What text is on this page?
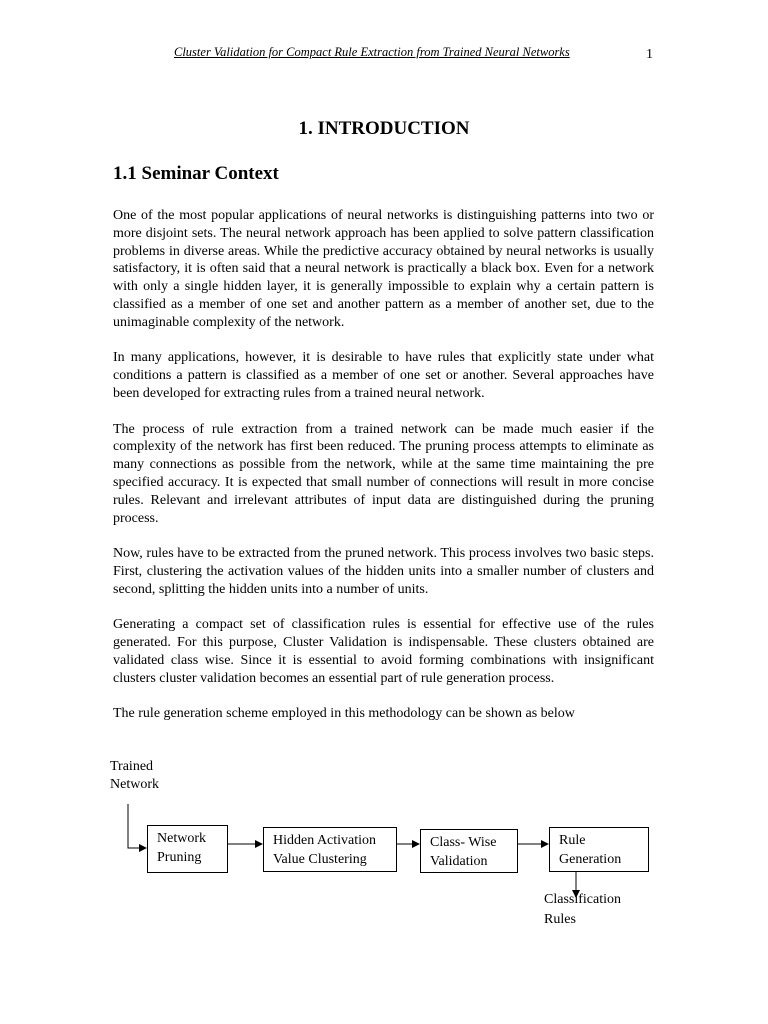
Cluster Validation for Compact Rule Extraction from Trained Neural Networks	1
1. INTRODUCTION
1.1 Seminar Context

One of the most popular applications of neural networks is distinguishing patterns into two or more disjoint sets. The neural network approach has been applied to solve pattern classification problems in diverse areas. While the predictive accuracy obtained by neural networks is usually satisfactory, it is often said that a neural network is practically a black box. Even for a network with only a single hidden layer, it is generally impossible to explain why a certain pattern is classified as a member of one set and another pattern as a member of another set, due to the unimaginable complexity of the network.

In many applications, however, it is desirable to have rules that explicitly state under what conditions a pattern is classified as a member of one set or another. Several approaches have been developed for extracting rules from a trained neural network.

The process of rule extraction from a trained network can be made much easier if the complexity of the network has first been reduced. The pruning process attempts to eliminate as many connections as possible from the network, while at the same time maintaining the pre specified accuracy. It is expected that small number of connections will result in more concise rules. Relevant and irrelevant attributes of input data are distinguished during the pruning process.

Now, rules have to be extracted from the pruned network. This process involves two basic steps. First, clustering the activation values of the hidden units into a smaller number of clusters and second, splitting the hidden units into a number of units.

Generating a compact set of classification rules is essential for effective use of the rules generated. For this purpose, Cluster Validation is indispensable. These clusters obtained are validated class wise. Since it is essential to avoid forming combinations with insignificant clusters cluster validation becomes an essential part of rule generation process.

The rule generation scheme employed in this methodology can be shown as below

Trained
Network
Network
Pruning
Hidden Activation
Value Clustering
Class- Wise
Validation
Rule
Generation
Classification
Rules
